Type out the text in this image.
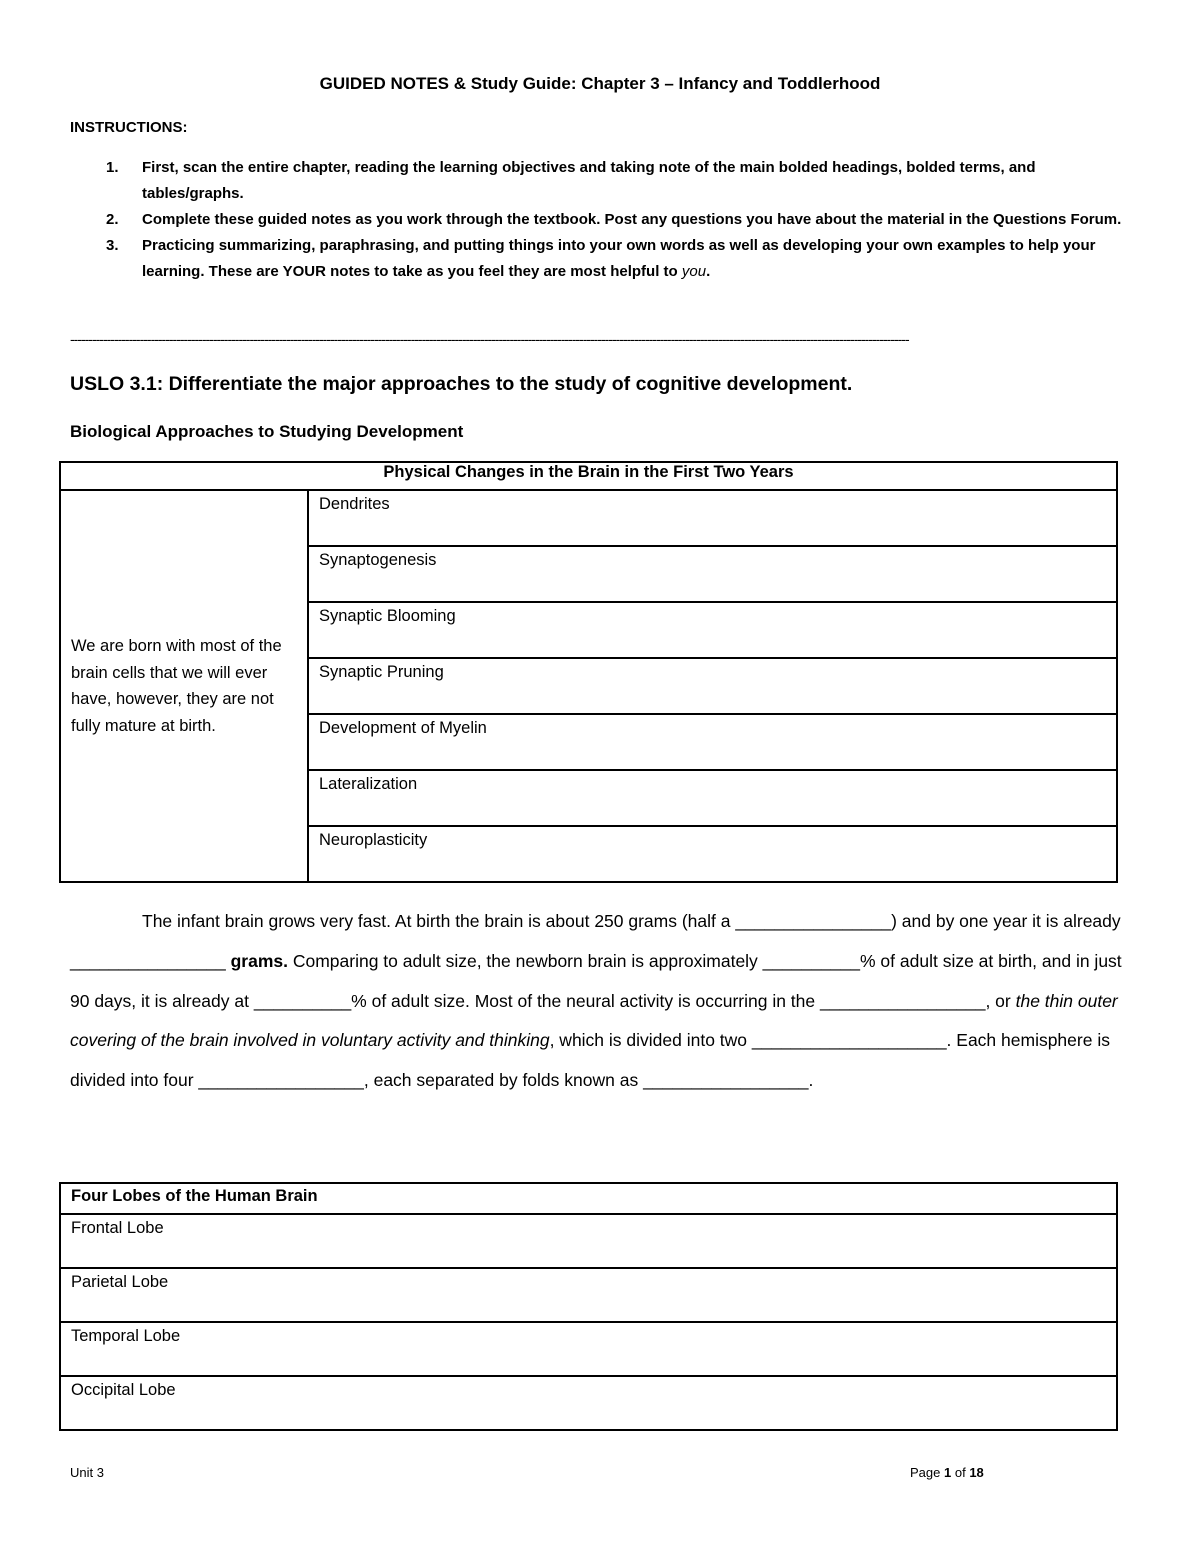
GUIDED NOTES & Study Guide: Chapter 3 – Infancy and Toddlerhood
INSTRUCTIONS:
1. First, scan the entire chapter, reading the learning objectives and taking note of the main bolded headings, bolded terms, and tables/graphs.
2. Complete these guided notes as you work through the textbook. Post any questions you have about the material in the Questions Forum.
3. Practicing summarizing, paraphrasing, and putting things into your own words as well as developing your own examples to help your learning. These are YOUR notes to take as you feel they are most helpful to you.
-------------------------------------------------------------------------------------------------------------------------------------------------------------------------------------------------------------------------------------
USLO 3.1: Differentiate the major approaches to the study of cognitive development.
Biological Approaches to Studying Development
Physical Changes in the Brain in the First Two Years
We are born with most of the brain cells that we will ever have, however, they are not fully mature at birth.	Dendrites
Synaptogenesis
Synaptic Blooming
Synaptic Pruning
Development of Myelin
Lateralization
Neuroplasticity

The infant brain grows very fast. At birth the brain is about 250 grams (half a ________________) and by one year it is already ________________ grams. Comparing to adult size, the newborn brain is approximately __________% of adult size at birth, and in just 90 days, it is already at __________% of adult size. Most of the neural activity is occurring in the _________________, or the thin outer covering of the brain involved in voluntary activity and thinking, which is divided into two ____________________. Each hemisphere is divided into four _________________, each separated by folds known as _________________.

Four Lobes of the Human Brain
Frontal Lobe
Parietal Lobe
Temporal Lobe
Occipital Lobe
Unit 3	Page 1 of 18
